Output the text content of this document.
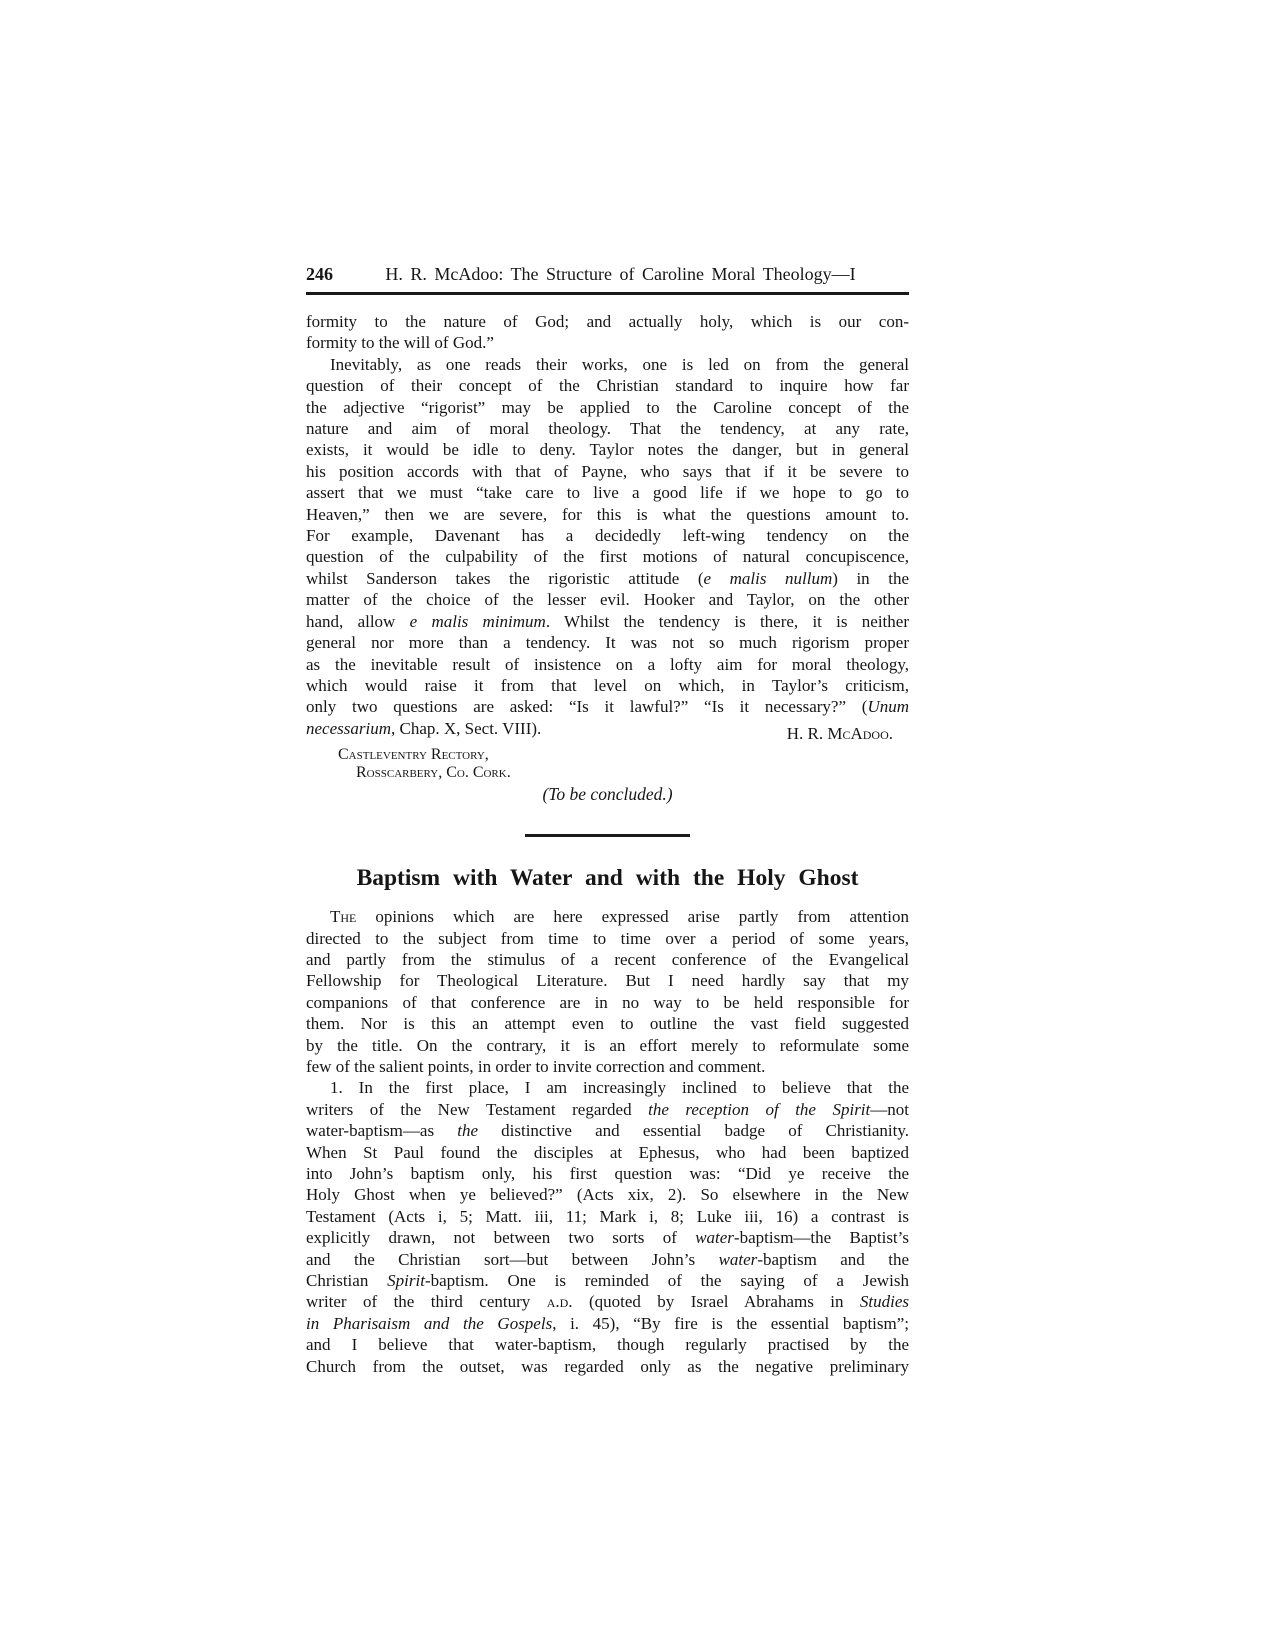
246	H. R. McAdoo: The Structure of Caroline Moral Theology—I
formity to the nature of God; and actually holy, which is our con-
formity to the will of God.”
Inevitably, as one reads their works, one is led on from the general
question of their concept of the Christian standard to inquire how far
the adjective “rigorist” may be applied to the Caroline concept of the
nature and aim of moral theology. That the tendency, at any rate,
exists, it would be idle to deny. Taylor notes the danger, but in general
his position accords with that of Payne, who says that if it be severe to
assert that we must “take care to live a good life if we hope to go to
Heaven,” then we are severe, for this is what the questions amount to.
For example, Davenant has a decidedly left-wing tendency on the
question of the culpability of the first motions of natural concupiscence,
whilst Sanderson takes the rigoristic attitude (e malis nullum) in the
matter of the choice of the lesser evil. Hooker and Taylor, on the other
hand, allow e malis minimum. Whilst the tendency is there, it is neither
general nor more than a tendency. It was not so much rigorism proper
as the inevitable result of insistence on a lofty aim for moral theology,
which would raise it from that level on which, in Taylor’s criticism,
only two questions are asked: “Is it lawful?” “Is it necessary?” (Unum
necessarium, Chap. X, Sect. VIII).	H. R. McAdoo.
Castleventry Rectory,
Rosscarbery, Co. Cork.
(To be concluded.)
Baptism with Water and with the Holy Ghost
The opinions which are here expressed arise partly from attention
directed to the subject from time to time over a period of some years,
and partly from the stimulus of a recent conference of the Evangelical
Fellowship for Theological Literature. But I need hardly say that my
companions of that conference are in no way to be held responsible for
them. Nor is this an attempt even to outline the vast field suggested
by the title. On the contrary, it is an effort merely to reformulate some
few of the salient points, in order to invite correction and comment.
1. In the first place, I am increasingly inclined to believe that the
writers of the New Testament regarded the reception of the Spirit—not
water-baptism—as the distinctive and essential badge of Christianity.
When St Paul found the disciples at Ephesus, who had been baptized
into John’s baptism only, his first question was: “Did ye receive the
Holy Ghost when ye believed?” (Acts xix, 2). So elsewhere in the New
Testament (Acts i, 5; Matt. iii, 11; Mark i, 8; Luke iii, 16) a contrast is
explicitly drawn, not between two sorts of water-baptism—the Baptist’s
and the Christian sort—but between John’s water-baptism and the
Christian Spirit-baptism. One is reminded of the saying of a Jewish
writer of the third century a.d. (quoted by Israel Abrahams in Studies
in Pharisaism and the Gospels, i. 45), “By fire is the essential baptism”;
and I believe that water-baptism, though regularly practised by the
Church from the outset, was regarded only as the negative preliminary
